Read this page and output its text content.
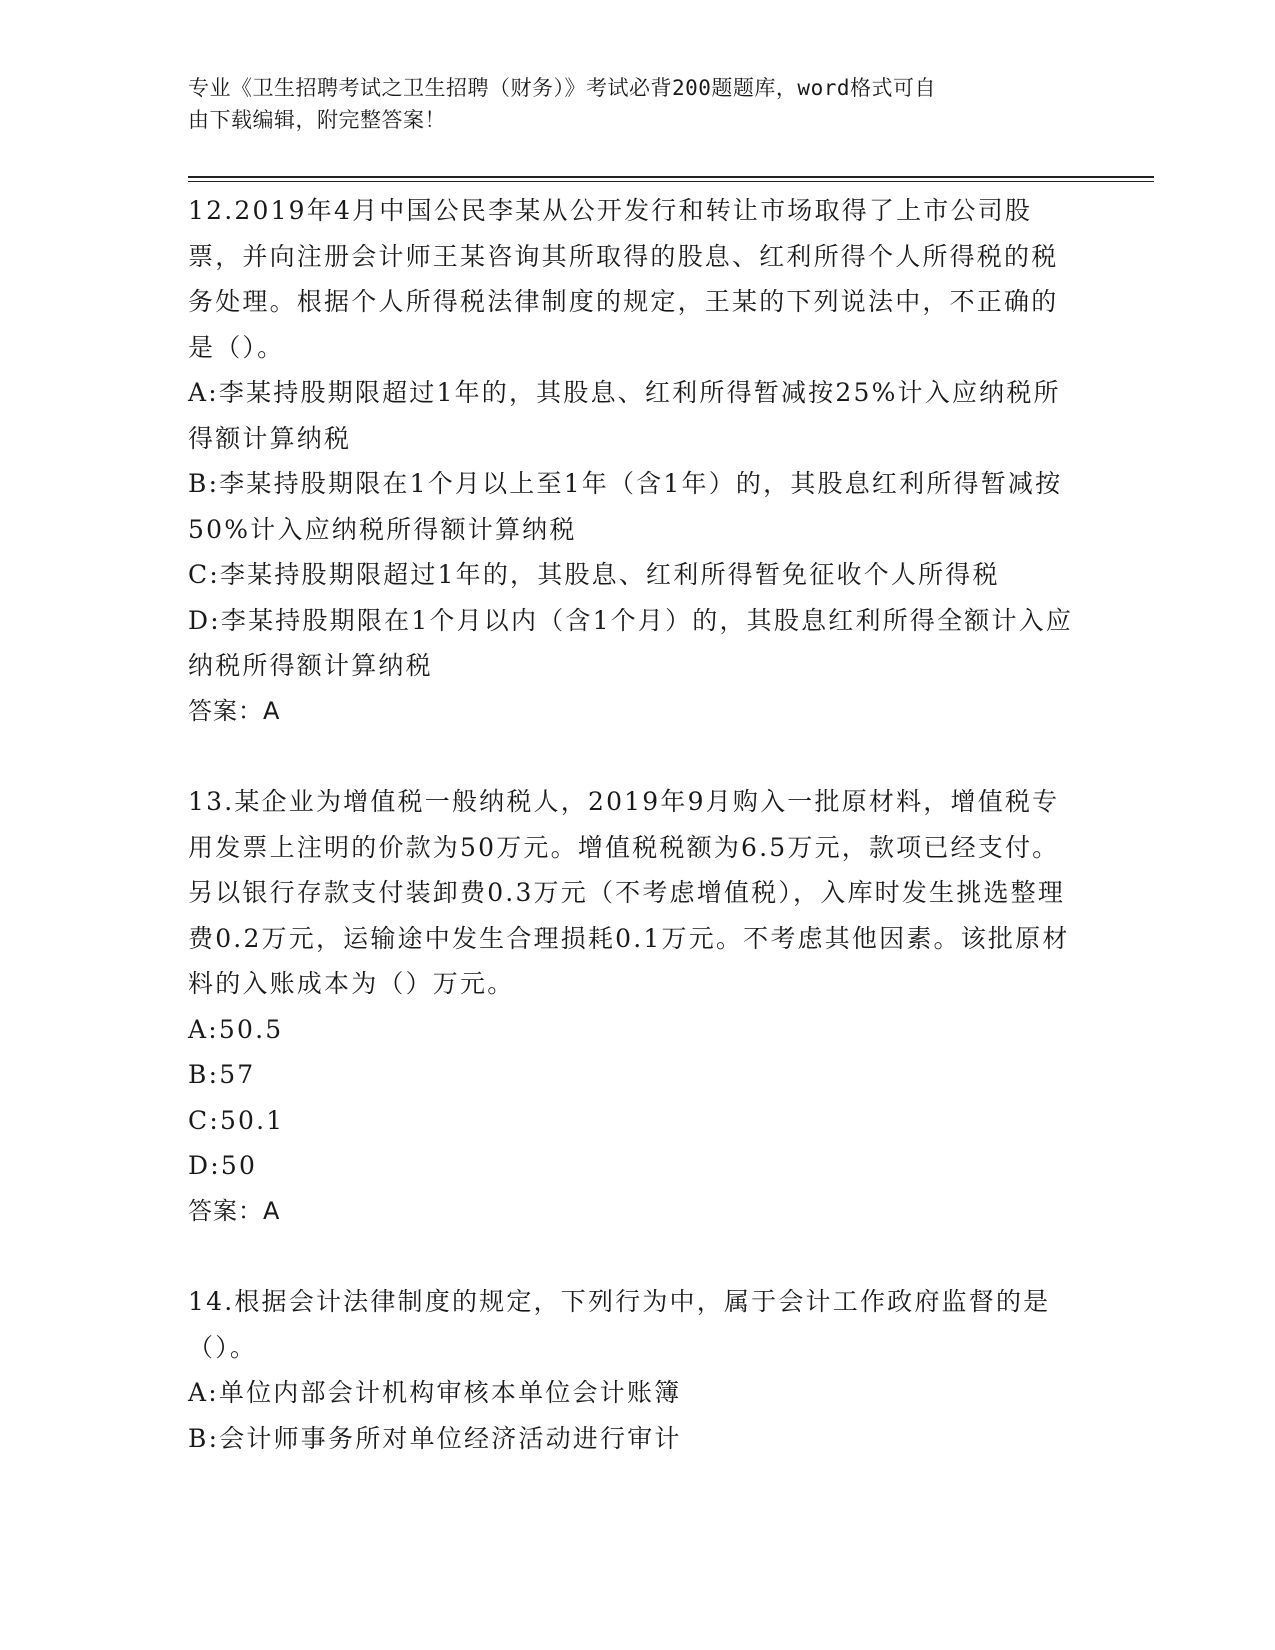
专业《卫生招聘考试之卫生招聘（财务）》考试必背200题题库，word格式可自
由下载编辑，附完整答案！
12.2019年4月中国公民李某从公开发行和转让市场取得了上市公司股票，并向注册会计师王某咨询其所取得的股息、红利所得个人所得税的税务处理。根据个人所得税法律制度的规定，王某的下列说法中，不正确的是（）。
A:李某持股期限超过1年的，其股息、红利所得暂减按25%计入应纳税所得额计算纳税
B:李某持股期限在1个月以上至1年（含1年）的，其股息红利所得暂减按50%计入应纳税所得额计算纳税
C:李某持股期限超过1年的，其股息、红利所得暂免征收个人所得税
D:李某持股期限在1个月以内（含1个月）的，其股息红利所得全额计入应纳税所得额计算纳税
答案：A
13.某企业为增值税一般纳税人，2019年9月购入一批原材料，增值税专用发票上注明的价款为50万元。增值税税额为6.5万元，款项已经支付。另以银行存款支付装卸费0.3万元（不考虑增值税），入库时发生挑选整理费0.2万元，运输途中发生合理损耗0.1万元。不考虑其他因素。该批原材料的入账成本为（）万元。
A:50.5
B:57
C:50.1
D:50
答案：A
14.根据会计法律制度的规定，下列行为中，属于会计工作政府监督的是（）。
A:单位内部会计机构审核本单位会计账簿
B:会计师事务所对单位经济活动进行审计
